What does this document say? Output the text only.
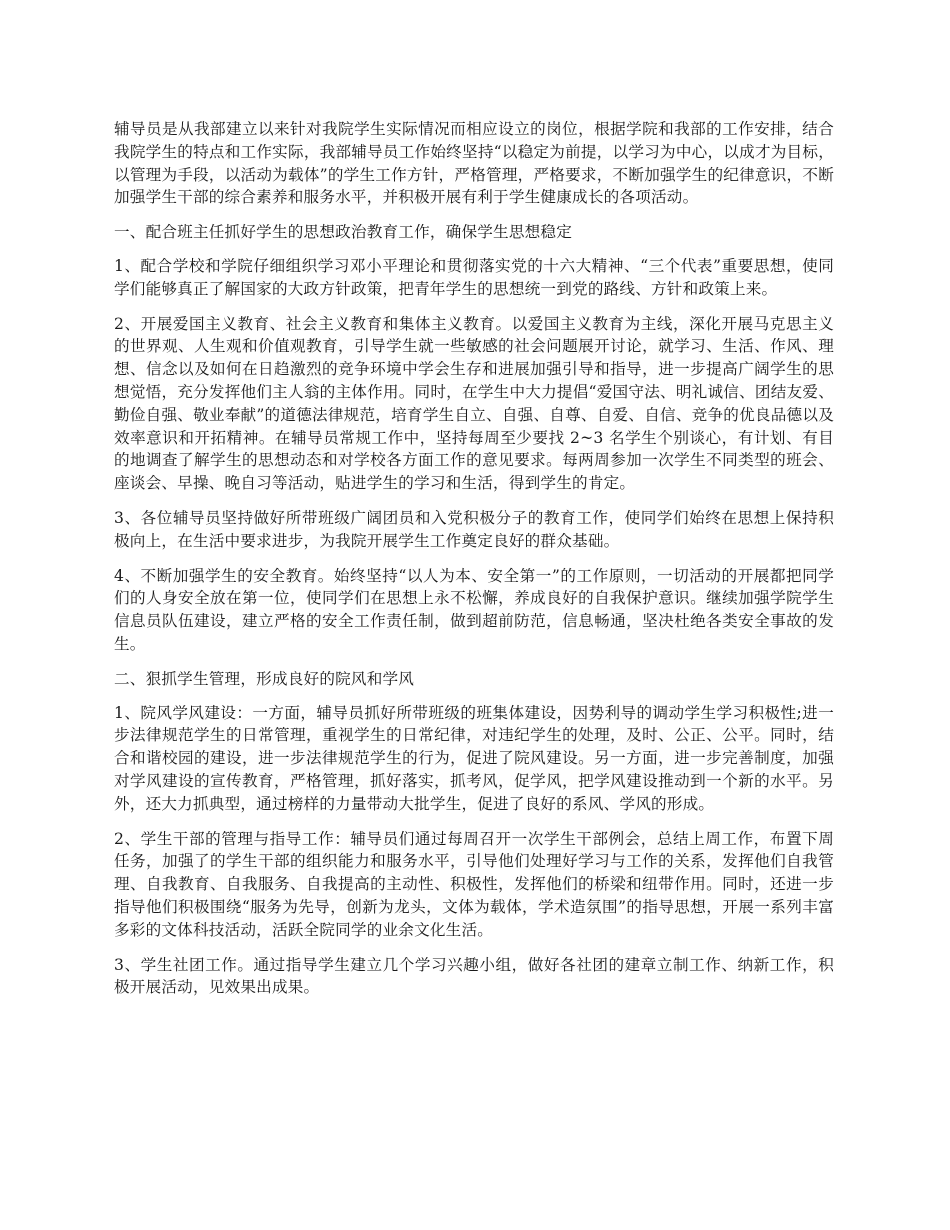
辅导员是从我部建立以来针对我院学生实际情况而相应设立的岗位，根据学院和我部的工作安排，结合我院学生的特点和工作实际，我部辅导员工作始终坚持“以稳定为前提，以学习为中心，以成才为目标，以管理为手段，以活动为载体”的学生工作方针，严格管理，严格要求，不断加强学生的纪律意识，不断加强学生干部的综合素养和服务水平，并积极开展有利于学生健康成长的各项活动。

一、配合班主任抓好学生的思想政治教育工作，确保学生思想稳定

1、配合学校和学院仔细组织学习邓小平理论和贯彻落实党的十六大精神、“三个代表”重要思想，使同学们能够真正了解国家的大政方针政策，把青年学生的思想统一到党的路线、方针和政策上来。

2、开展爱国主义教育、社会主义教育和集体主义教育。以爱国主义教育为主线，深化开展马克思主义的世界观、人生观和价值观教育，引导学生就一些敏感的社会问题展开讨论，就学习、生活、作风、理想、信念以及如何在日趋激烈的竞争环境中学会生存和进展加强引导和指导，进一步提高广阔学生的思想觉悟，充分发挥他们主人翁的主体作用。同时，在学生中大力提倡“爱国守法、明礼诚信、团结友爱、勤俭自强、敬业奉献”的道德法律规范，培育学生自立、自强、自尊、自爱、自信、竞争的优良品德以及效率意识和开拓精神。在辅导员常规工作中，坚持每周至少要找 2~3 名学生个别谈心，有计划、有目的地调查了解学生的思想动态和对学校各方面工作的意见要求。每两周参加一次学生不同类型的班会、座谈会、早操、晚自习等活动，贴进学生的学习和生活，得到学生的肯定。

3、各位辅导员坚持做好所带班级广阔团员和入党积极分子的教育工作，使同学们始终在思想上保持积极向上，在生活中要求进步，为我院开展学生工作奠定良好的群众基础。

4、不断加强学生的安全教育。始终坚持“以人为本、安全第一”的工作原则，一切活动的开展都把同学们的人身安全放在第一位，使同学们在思想上永不松懈，养成良好的自我保护意识。继续加强学院学生信息员队伍建设，建立严格的安全工作责任制，做到超前防范，信息畅通，坚决杜绝各类安全事故的发生。

二、狠抓学生管理，形成良好的院风和学风

1、院风学风建设：一方面，辅导员抓好所带班级的班集体建设，因势利导的调动学生学习积极性;进一步法律规范学生的日常管理，重视学生的日常纪律，对违纪学生的处理，及时、公正、公平。同时，结合和谐校园的建设，进一步法律规范学生的行为，促进了院风建设。另一方面，进一步完善制度，加强对学风建设的宣传教育，严格管理，抓好落实，抓考风，促学风，把学风建设推动到一个新的水平。另外，还大力抓典型，通过榜样的力量带动大批学生，促进了良好的系风、学风的形成。

2、学生干部的管理与指导工作：辅导员们通过每周召开一次学生干部例会，总结上周工作，布置下周任务，加强了的学生干部的组织能力和服务水平，引导他们处理好学习与工作的关系，发挥他们自我管理、自我教育、自我服务、自我提高的主动性、积极性，发挥他们的桥梁和纽带作用。同时，还进一步指导他们积极围绕“服务为先导，创新为龙头，文体为载体，学术造氛围”的指导思想，开展一系列丰富多彩的文体科技活动，活跃全院同学的业余文化生活。

3、学生社团工作。通过指导学生建立几个学习兴趣小组，做好各社团的建章立制工作、纳新工作，积极开展活动，见效果出成果。
